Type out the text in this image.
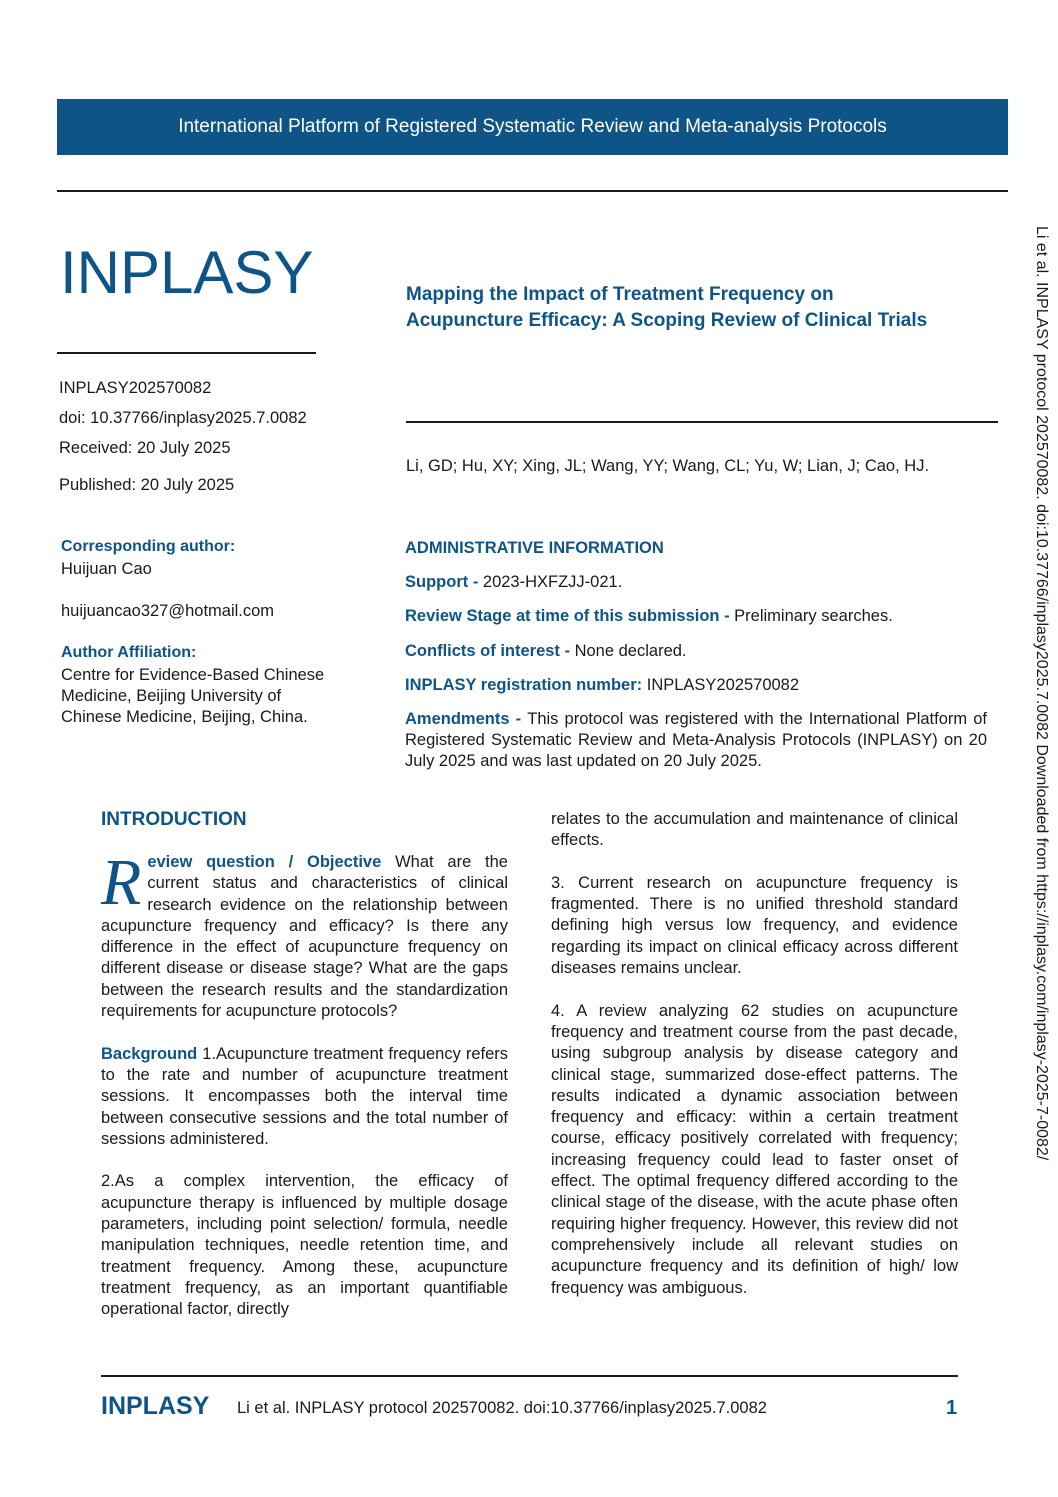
International Platform of Registered Systematic Review and Meta-analysis Protocols
INPLASY	Mapping the Impact of Treatment Frequency on
Acupuncture Efficacy: A Scoping Review of Clinical Trials
INPLASY202570082
doi: 10.37766/inplasy2025.7.0082
Received: 20 July 2025
Published: 20 July 2025
Li, GD; Hu, XY; Xing, JL; Wang, YY; Wang, CL; Yu, W; Lian, J; Cao, HJ.
Corresponding author:
Huijuan Cao
huijuancao327@hotmail.com
Author Affiliation:
Centre for Evidence-Based Chinese
Medicine, Beijing University of
Chinese Medicine, Beijing, China.
ADMINISTRATIVE INFORMATION
Support - 2023-HXFZJJ-021.
Review Stage at time of this submission - Preliminary searches.
Conflicts of interest - None declared.
INPLASY registration number: INPLASY202570082
Amendments - This protocol was registered with the International Platform of Registered Systematic Review and Meta-Analysis Protocols (INPLASY) on 20 July 2025 and was last updated on 20 July 2025.	Li et al. INPLASY protocol 202570082. doi:10.37766/inplasy2025.7.0082 Downloaded from https://inplasy.com/inplasy-2025-7-0082/
INTRODUCTION

Review question / Objective What are the current status and characteristics of clinical research evidence on the relationship between acupuncture frequency and efficacy? Is there any difference in the effect of acupuncture frequency on different disease or disease stage? What are the gaps between the research results and the standardization requirements for acupuncture protocols?

Background 1.Acupuncture treatment frequency refers to the rate and number of acupuncture treatment sessions. It encompasses both the interval time between consecutive sessions and the total number of sessions administered.

2.As a complex intervention, the efficacy of acupuncture therapy is influenced by multiple dosage parameters, including point selection/ formula, needle manipulation techniques, needle retention time, and treatment frequency. Among these, acupuncture treatment frequency, as an important quantifiable operational factor, directly

relates to the accumulation and maintenance of clinical effects.

3. Current research on acupuncture frequency is fragmented. There is no unified threshold standard defining high versus low frequency, and evidence regarding its impact on clinical efficacy across different diseases remains unclear.

4. A review analyzing 62 studies on acupuncture frequency and treatment course from the past decade, using subgroup analysis by disease category and clinical stage, summarized dose-effect patterns. The results indicated a dynamic association between frequency and efficacy: within a certain treatment course, efficacy positively correlated with frequency; increasing frequency could lead to faster onset of effect. The optimal frequency differed according to the clinical stage of the disease, with the acute phase often requiring higher frequency. However, this review did not comprehensively include all relevant studies on acupuncture frequency and its definition of high/ low frequency was ambiguous.

INPLASY Li et al. INPLASY protocol 202570082. doi:10.37766/inplasy2025.7.0082	1
